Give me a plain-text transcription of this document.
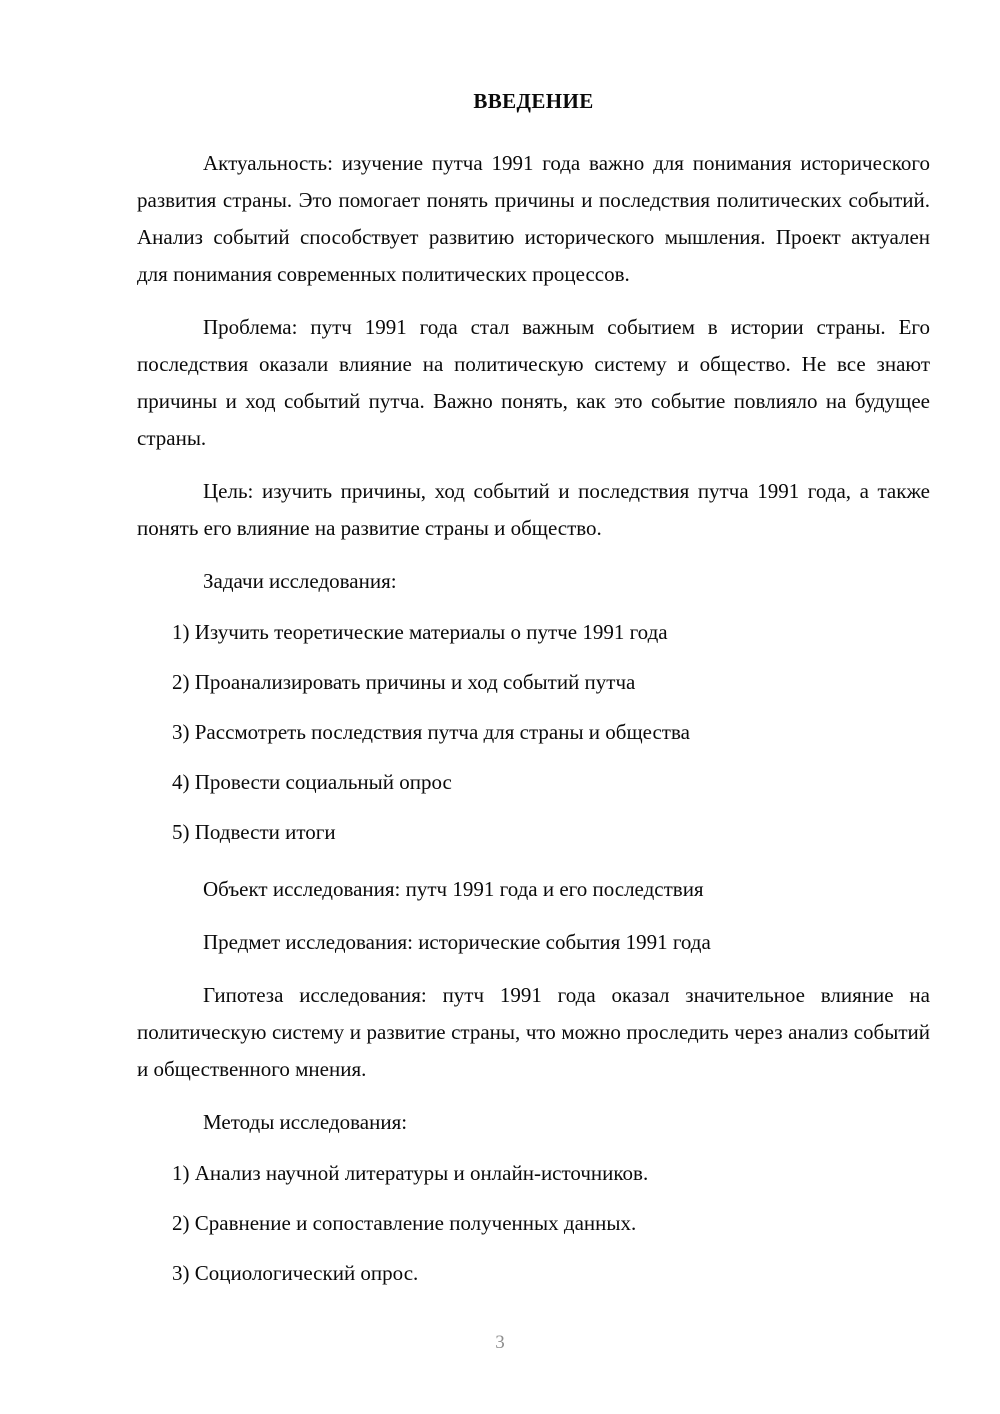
ВВЕДЕНИЕ

Актуальность: изучение путча 1991 года важно для понимания исторического развития страны. Это помогает понять причины и последствия политических событий. Анализ событий способствует развитию исторического мышления. Проект актуален для понимания современных политических процессов.

Проблема: путч 1991 года стал важным событием в истории страны. Его последствия оказали влияние на политическую систему и общество. Не все знают причины и ход событий путча. Важно понять, как это событие повлияло на будущее страны.

Цель: изучить причины, ход событий и последствия путча 1991 года, а также понять его влияние на развитие страны и общество.

Задачи исследования:

1) Изучить теоретические материалы о путче 1991 года
2) Проанализировать причины и ход событий путча
3) Рассмотреть последствия путча для страны и общества
4) Провести социальный опрос
5) Подвести итоги

Объект исследования: путч 1991 года и его последствия

Предмет исследования: исторические события 1991 года

Гипотеза исследования: путч 1991 года оказал значительное влияние на политическую систему и развитие страны, что можно проследить через анализ событий и общественного мнения.

Методы исследования:

1) Анализ научной литературы и онлайн-источников.
2) Сравнение и сопоставление полученных данных.
3) Социологический опрос.
3
